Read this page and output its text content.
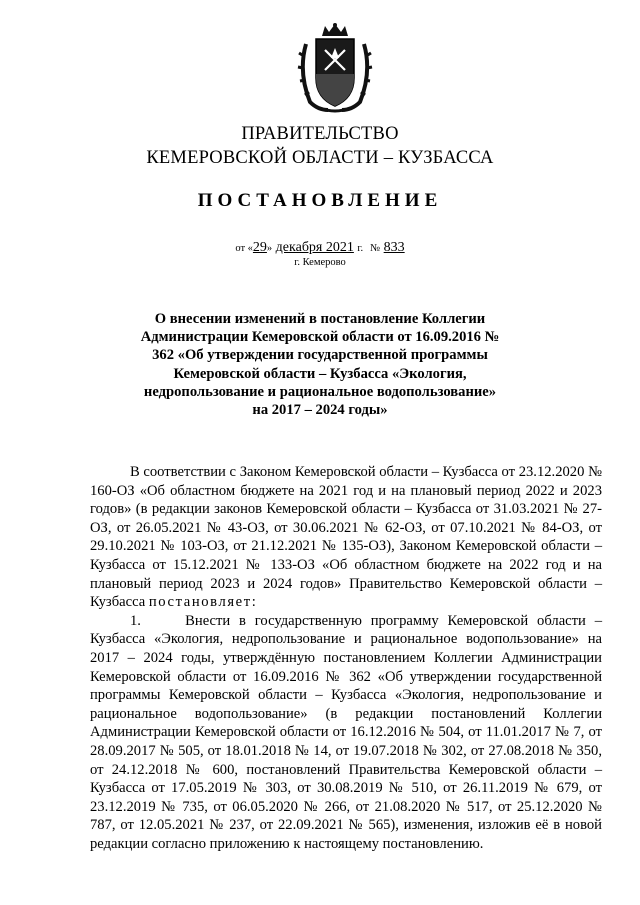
ПРАВИТЕЛЬСТВО
КЕМЕРОВСКОЙ ОБЛАСТИ – КУЗБАССА
ПОСТАНОВЛЕНИЕ
от «29» декабря 2021 г. № 833
г. Кемерово
О внесении изменений в постановление Коллегии Администрации Кемеровской области от 16.09.2016 № 362 «Об утверждении государственной программы Кемеровской области – Кузбасса «Экология, недропользование и рациональное водопользование» на 2017 – 2024 годы»

В соответствии с Законом Кемеровской области – Кузбасса от 23.12.2020 № 160-ОЗ «Об областном бюджете на 2021 год и на плановый период 2022 и 2023 годов» (в редакции законов Кемеровской области – Кузбасса от 31.03.2021 № 27-ОЗ, от 26.05.2021 № 43-ОЗ, от 30.06.2021 № 62-ОЗ, от 07.10.2021 № 84-ОЗ, от 29.10.2021 № 103-ОЗ, от 21.12.2021 № 135-ОЗ), Законом Кемеровской области – Кузбасса от 15.12.2021 № 133-ОЗ «Об областном бюджете на 2022 год и на плановый период 2023 и 2024 годов» Правительство Кемеровской области – Кузбасса постановляет:

1.     Внести в государственную программу Кемеровской области – Кузбасса «Экология, недропользование и рациональное водопользование» на 2017 – 2024 годы, утверждённую постановлением Коллегии Администрации Кемеровской области от 16.09.2016 № 362 «Об утверждении государственной программы Кемеровской области – Кузбасса «Экология, недропользование и рациональное водопользование» (в редакции постановлений Коллегии Администрации Кемеровской области от 16.12.2016 № 504, от 11.01.2017 № 7, от 28.09.2017 № 505, от 18.01.2018 № 14, от 19.07.2018 № 302, от 27.08.2018 № 350, от 24.12.2018 № 600, постановлений Правительства Кемеровской области – Кузбасса от 17.05.2019 № 303, от 30.08.2019 № 510, от 26.11.2019 № 679, от 23.12.2019 № 735, от 06.05.2020 № 266, от 21.08.2020 № 517, от 25.12.2020 № 787, от 12.05.2021 № 237, от 22.09.2021 № 565), изменения, изложив её в новой редакции согласно приложению к настоящему постановлению.
